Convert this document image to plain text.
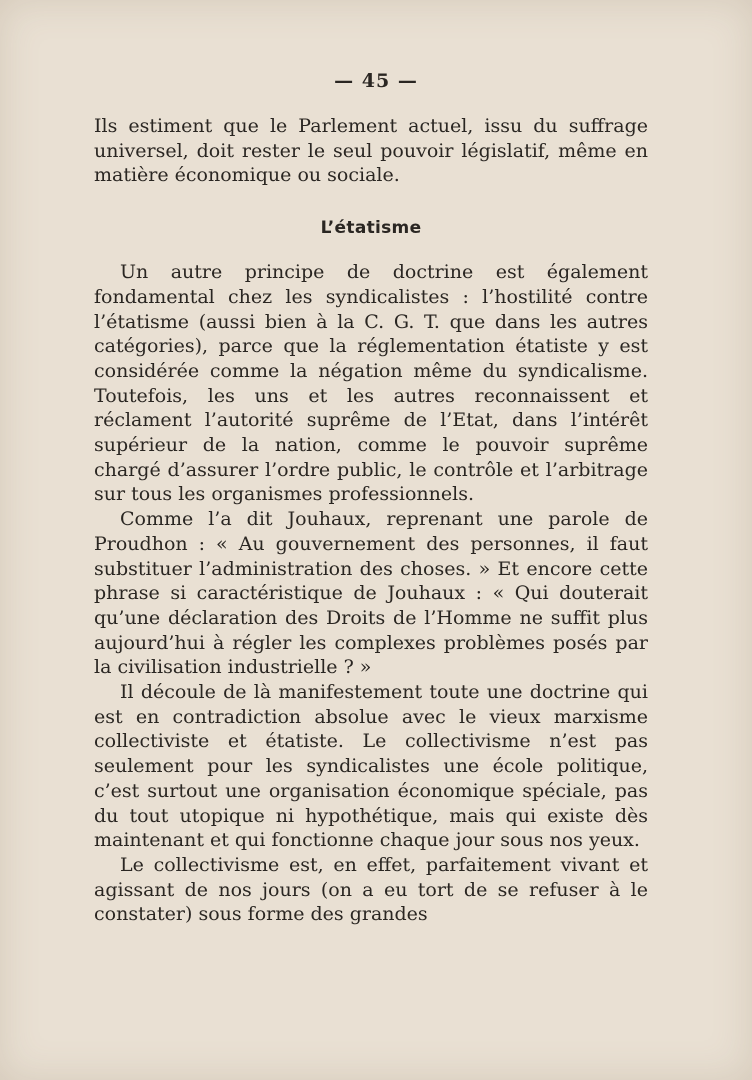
— 45 —

Ils estiment que le Parlement actuel, issu du suffrage universel, doit rester le seul pouvoir législatif, même en matière économique ou sociale.

L’étatisme

Un autre principe de doctrine est également fondamental chez les syndicalistes : l’hostilité contre l’étatisme (aussi bien à la C. G. T. que dans les autres catégories), parce que la réglementation étatiste y est considérée comme la négation même du syndicalisme. Toutefois, les uns et les autres reconnaissent et réclament l’autorité suprême de l’Etat, dans l’intérêt supérieur de la nation, comme le pouvoir suprême chargé d’assurer l’ordre public, le contrôle et l’arbitrage sur tous les organismes professionnels.

Comme l’a dit Jouhaux, reprenant une parole de Proudhon : « Au gouvernement des personnes, il faut substituer l’administration des choses. » Et encore cette phrase si caractéristique de Jouhaux : « Qui douterait qu’une déclaration des Droits de l’Homme ne suffit plus aujourd’hui à régler les complexes problèmes posés par la civilisation industrielle ? »

Il découle de là manifestement toute une doctrine qui est en contradiction absolue avec le vieux marxisme collectiviste et étatiste. Le collectivisme n’est pas seulement pour les syndicalistes une école politique, c’est surtout une organisation économique spéciale, pas du tout utopique ni hypothétique, mais qui existe dès maintenant et qui fonctionne chaque jour sous nos yeux.

Le collectivisme est, en effet, parfaitement vivant et agissant de nos jours (on a eu tort de se refuser à le constater) sous forme des grandes
